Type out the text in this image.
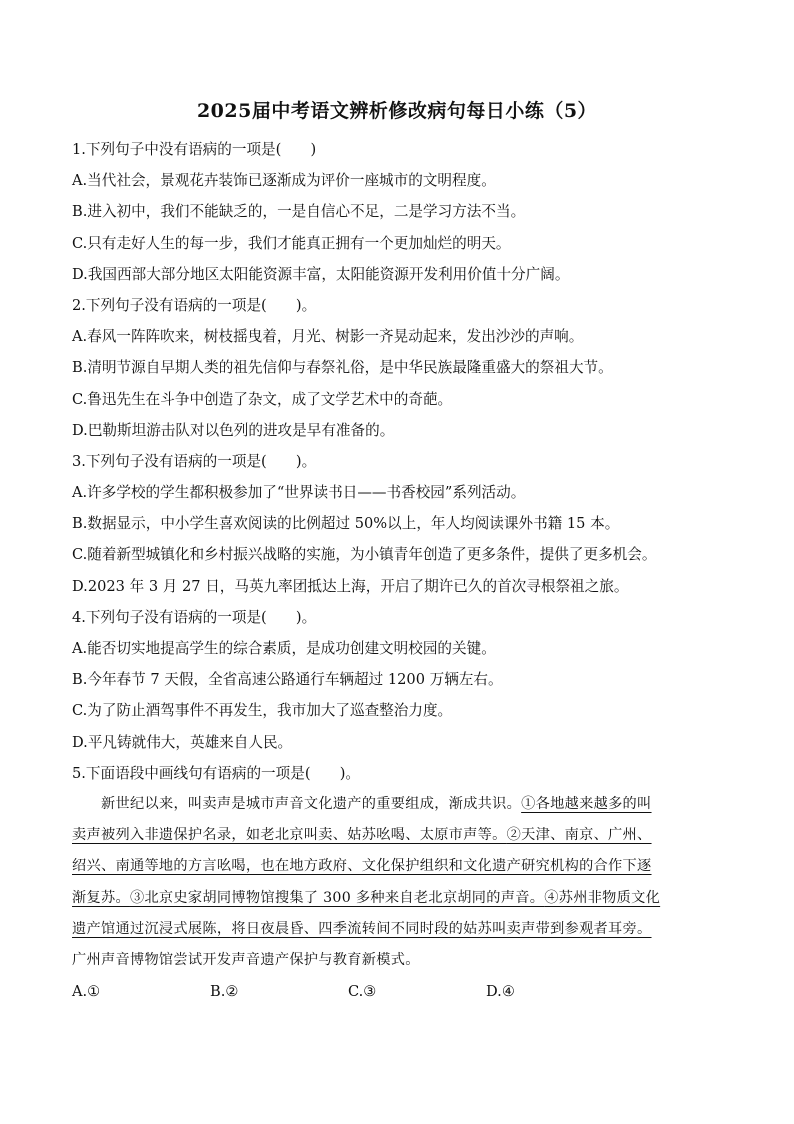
2025届中考语文辨析修改病句每日小练（5）
1.下列句子中没有语病的一项是(　　)
A.当代社会，景观花卉装饰已逐渐成为评价一座城市的文明程度。
B.进入初中，我们不能缺乏的，一是自信心不足，二是学习方法不当。
C.只有走好人生的每一步，我们才能真正拥有一个更加灿烂的明天。
D.我国西部大部分地区太阳能资源丰富，太阳能资源开发利用价值十分广阔。
2.下列句子没有语病的一项是(　　)。
A.春风一阵阵吹来，树枝摇曳着，月光、树影一齐晃动起来，发出沙沙的声响。
B.清明节源自早期人类的祖先信仰与春祭礼俗，是中华民族最隆重盛大的祭祖大节。
C.鲁迅先生在斗争中创造了杂文，成了文学艺术中的奇葩。
D.巴勒斯坦游击队对以色列的进攻是早有准备的。
3.下列句子没有语病的一项是(　　)。
A.许多学校的学生都积极参加了“世界读书日——书香校园”系列活动。
B.数据显示，中小学生喜欢阅读的比例超过 50%以上，年人均阅读课外书籍 15 本。
C.随着新型城镇化和乡村振兴战略的实施，为小镇青年创造了更多条件，提供了更多机会。
D.2023 年 3 月 27 日，马英九率团抵达上海，开启了期许已久的首次寻根祭祖之旅。
4.下列句子没有语病的一项是(　　)。
A.能否切实地提高学生的综合素质，是成功创建文明校园的关键。
B.今年春节 7 天假，全省高速公路通行车辆超过 1200 万辆左右。
C.为了防止酒驾事件不再发生，我市加大了巡查整治力度。
D.平凡铸就伟大，英雄来自人民。
5.下面语段中画线句有语病的一项是(　　)。
新世纪以来，叫卖声是城市声音文化遗产的重要组成，渐成共识。①各地越来越多的叫
卖声被列入非遗保护名录，如老北京叫卖、姑苏吆喝、太原市声等。②天津、南京、广州、
绍兴、南通等地的方言吆喝，也在地方政府、文化保护组织和文化遗产研究机构的合作下逐
渐复苏。③北京史家胡同博物馆搜集了 300 多种来自老北京胡同的声音。④苏州非物质文化
遗产馆通过沉浸式展陈，将日夜晨昏、四季流转间不同时段的姑苏叫卖声带到参观者耳旁。
广州声音博物馆尝试开发声音遗产保护与教育新模式。
A.①	B.②	C.③	D.④
